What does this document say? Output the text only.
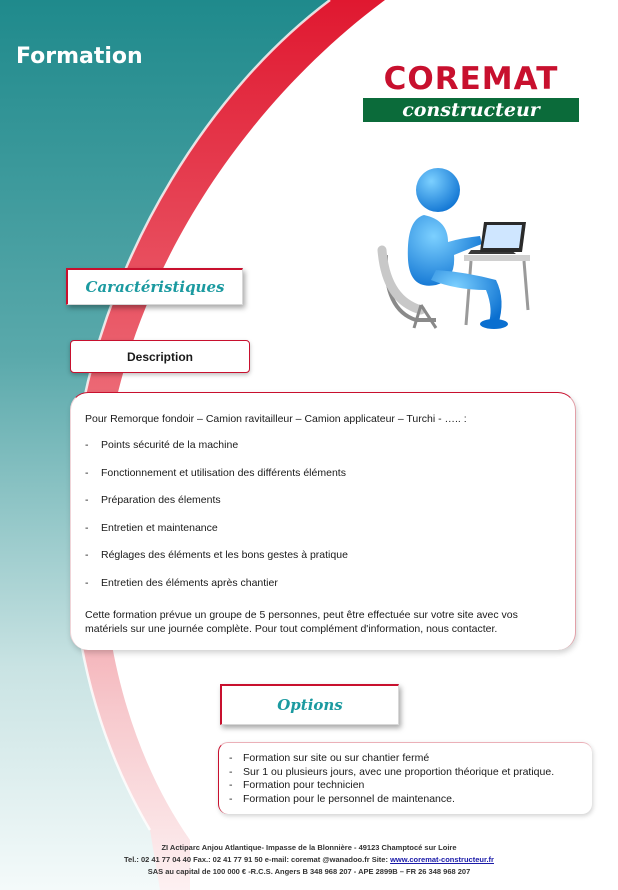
Formation
COREMAT
constructeur
Caractéristiques
Description

Pour Remorque fondoir – Camion ravitailleur – Camion applicateur – Turchi - ….. :

-	Points sécurité de la machine
-	Fonctionnement et utilisation des différents éléments
-	Préparation des élements
-	Entretien et maintenance
-	Réglages des éléments et les bons gestes à pratique
-	Entretien des éléments après chantier

Cette formation prévue un groupe de 5 personnes, peut être effectuée sur votre site avec vos matériels sur une journée complète. Pour tout complément d'information, nous contacter.

Options
-	Formation sur site ou sur chantier fermé
-	Sur 1 ou plusieurs jours, avec une proportion théorique et pratique.
-	Formation pour technicien
-	Formation pour le personnel de maintenance.
ZI Actiparc Anjou Atlantique- Impasse de la Blonnière - 49123 Champtocé sur Loire
Tel.: 02 41 77 04 40 Fax.: 02 41 77 91 50 e-mail: coremat @wanadoo.fr Site: www.coremat-constructeur.fr
SAS au capital de 100 000 € -R.C.S. Angers B 348 968 207 - APE 2899B – FR 26 348 968 207
